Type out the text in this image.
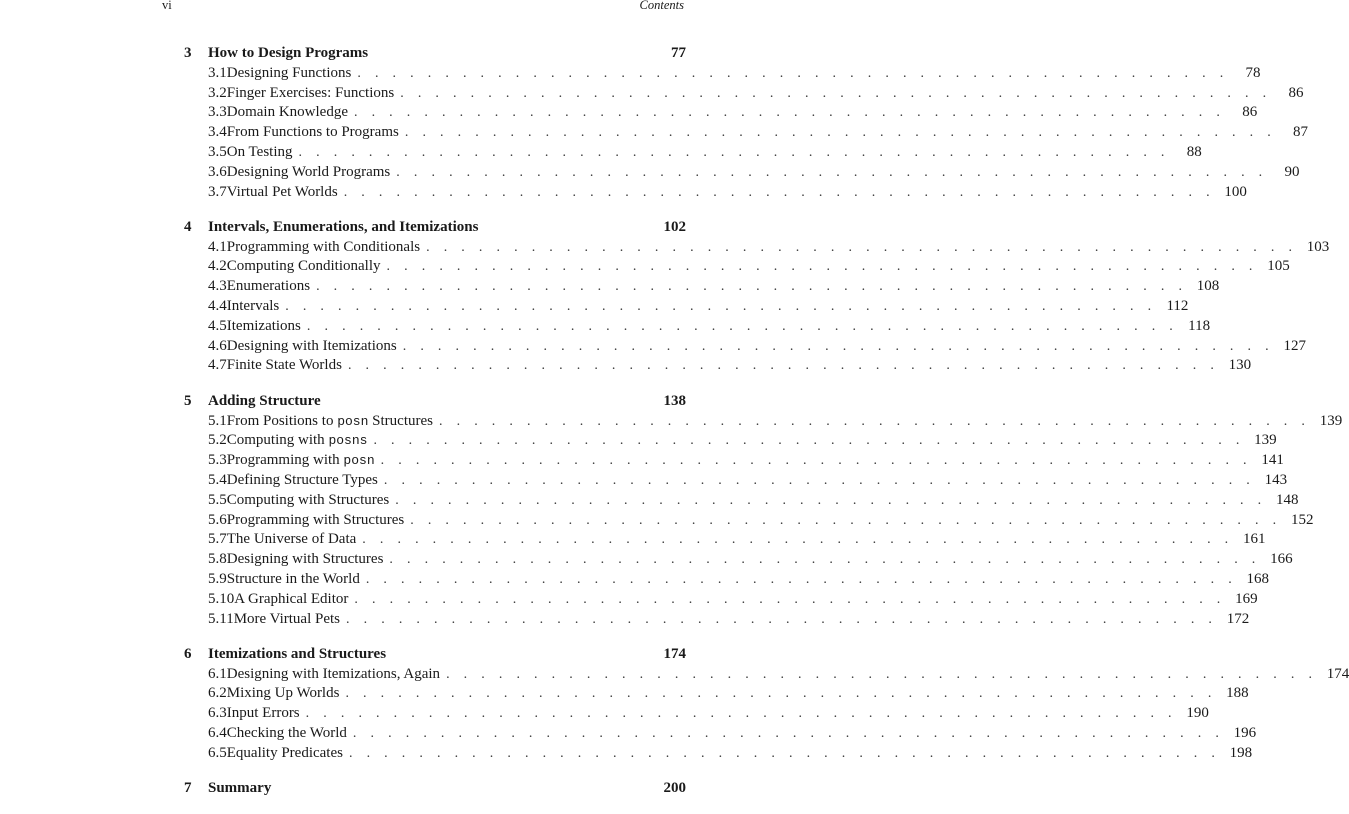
vi	Contents
3	How to Design Programs	77
3.1 Designing Functions . . . . . . . . . . . . . . . . . . . . . . . . . . . . . . . . . . . . . . . . . . . . . . . . . .	78
3.2 Finger Exercises: Functions . . . . . . . . . . . . . . . . . . . . . . . . . . . . . . . . . . . . . . . . . . . . . . . . . .	86
3.3 Domain Knowledge . . . . . . . . . . . . . . . . . . . . . . . . . . . . . . . . . . . . . . . . . . . . . . . . . .	86
3.4 From Functions to Programs . . . . . . . . . . . . . . . . . . . . . . . . . . . . . . . . . . . . . . . . . . . . . . . . . .	87
3.5 On Testing . . . . . . . . . . . . . . . . . . . . . . . . . . . . . . . . . . . . . . . . . . . . . . . . . .	88
3.6 Designing World Programs . . . . . . . . . . . . . . . . . . . . . . . . . . . . . . . . . . . . . . . . . . . . . . . . . .	90
3.7 Virtual Pet Worlds . . . . . . . . . . . . . . . . . . . . . . . . . . . . . . . . . . . . . . . . . . . . . . . . . . 100
4	Intervals, Enumerations, and Itemizations	102
4.1 Programming with Conditionals . . . . . . . . . . . . . . . . . . . . . . . . . . . . . . . . . . . . . . . . . . . . . . . . . . 103
4.2 Computing Conditionally . . . . . . . . . . . . . . . . . . . . . . . . . . . . . . . . . . . . . . . . . . . . . . . . . . 105
4.3 Enumerations . . . . . . . . . . . . . . . . . . . . . . . . . . . . . . . . . . . . . . . . . . . . . . . . . . 108
4.4 Intervals . . . . . . . . . . . . . . . . . . . . . . . . . . . . . . . . . . . . . . . . . . . . . . . . . . 112
4.5 Itemizations . . . . . . . . . . . . . . . . . . . . . . . . . . . . . . . . . . . . . . . . . . . . . . . . . . 118
4.6 Designing with Itemizations . . . . . . . . . . . . . . . . . . . . . . . . . . . . . . . . . . . . . . . . . . . . . . . . . . 127
4.7 Finite State Worlds . . . . . . . . . . . . . . . . . . . . . . . . . . . . . . . . . . . . . . . . . . . . . . . . . . 130
5	Adding Structure	138
5.1 From Positions to posn Structures . . . . . . . . . . . . . . . . . . . . . . . . . . . . . . . . . . . . . . . . . . . . . . . . . . 139
5.2 Computing with posns . . . . . . . . . . . . . . . . . . . . . . . . . . . . . . . . . . . . . . . . . . . . . . . . . . 139
5.3 Programming with posn . . . . . . . . . . . . . . . . . . . . . . . . . . . . . . . . . . . . . . . . . . . . . . . . . . 141
5.4 Defining Structure Types . . . . . . . . . . . . . . . . . . . . . . . . . . . . . . . . . . . . . . . . . . . . . . . . . . 143
5.5 Computing with Structures . . . . . . . . . . . . . . . . . . . . . . . . . . . . . . . . . . . . . . . . . . . . . . . . . . 148
5.6 Programming with Structures . . . . . . . . . . . . . . . . . . . . . . . . . . . . . . . . . . . . . . . . . . . . . . . . . . 152
5.7 The Universe of Data . . . . . . . . . . . . . . . . . . . . . . . . . . . . . . . . . . . . . . . . . . . . . . . . . . 161
5.8 Designing with Structures . . . . . . . . . . . . . . . . . . . . . . . . . . . . . . . . . . . . . . . . . . . . . . . . . . 166
5.9 Structure in the World . . . . . . . . . . . . . . . . . . . . . . . . . . . . . . . . . . . . . . . . . . . . . . . . . . 168
5.10 A Graphical Editor . . . . . . . . . . . . . . . . . . . . . . . . . . . . . . . . . . . . . . . . . . . . . . . . . . 169
5.11 More Virtual Pets . . . . . . . . . . . . . . . . . . . . . . . . . . . . . . . . . . . . . . . . . . . . . . . . . . 172
6	Itemizations and Structures	174
6.1 Designing with Itemizations, Again . . . . . . . . . . . . . . . . . . . . . . . . . . . . . . . . . . . . . . . . . . . . . . . . . . 174
6.2 Mixing Up Worlds . . . . . . . . . . . . . . . . . . . . . . . . . . . . . . . . . . . . . . . . . . . . . . . . . . 188
6.3 Input Errors . . . . . . . . . . . . . . . . . . . . . . . . . . . . . . . . . . . . . . . . . . . . . . . . . . 190
6.4 Checking the World . . . . . . . . . . . . . . . . . . . . . . . . . . . . . . . . . . . . . . . . . . . . . . . . . . 196
6.5 Equality Predicates . . . . . . . . . . . . . . . . . . . . . . . . . . . . . . . . . . . . . . . . . . . . . . . . . . 198
7	Summary	200
